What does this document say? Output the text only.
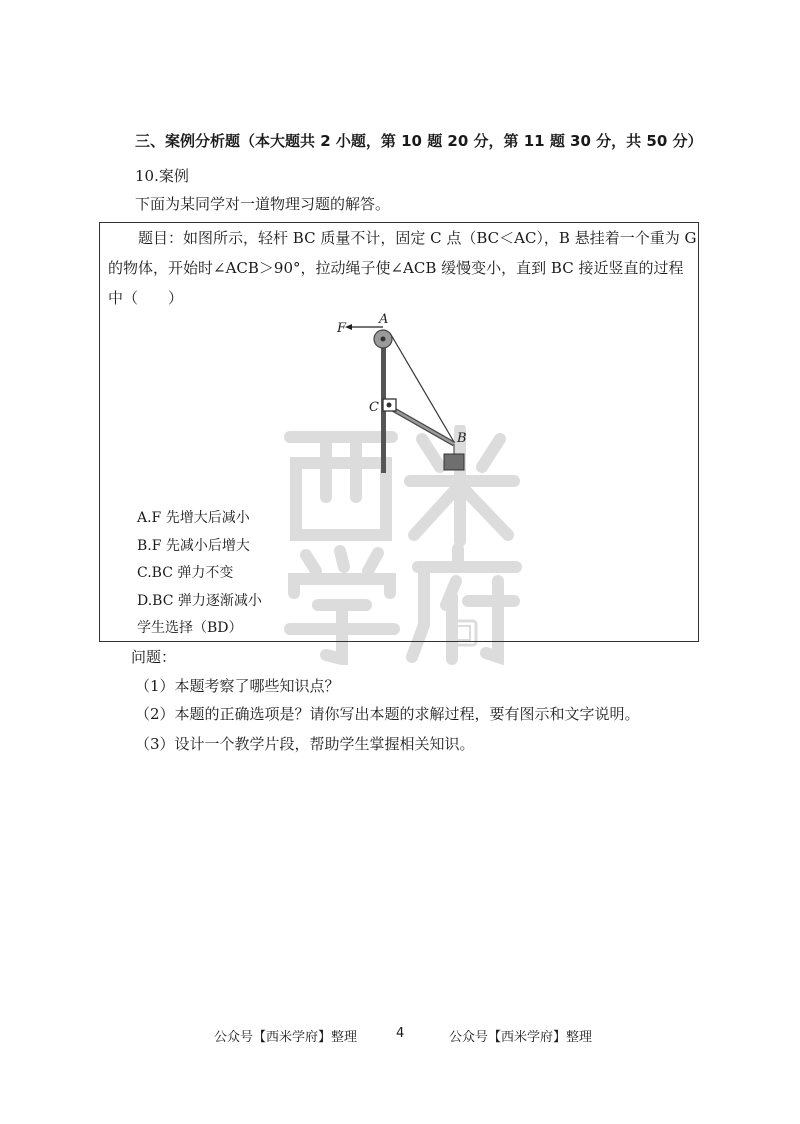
三、案例分析题（本大题共 2 小题，第 10 题 20 分，第 11 题 30 分，共 50 分）
10.案例
下面为某同学对一道物理习题的解答。
题目：如图所示，轻杆 BC 质量不计，固定 C 点（BC＜AC），B 悬挂着一个重为 G
的物体，开始时∠ACB＞90°，拉动绳子使∠ACB 缓慢变小，直到 BC 接近竖直的过程
中（　　）
F
A
C
B
A.F 先增大后减小
B.F 先减小后增大
C.BC 弹力不变
D.BC 弹力逐渐减小
学生选择（BD）
问题：
（1）本题考察了哪些知识点？
（2）本题的正确选项是？请你写出本题的求解过程，要有图示和文字说明。
（3）设计一个教学片段，帮助学生掌握相关知识。
公众号【西米学府】整理	4	公众号【西米学府】整理
